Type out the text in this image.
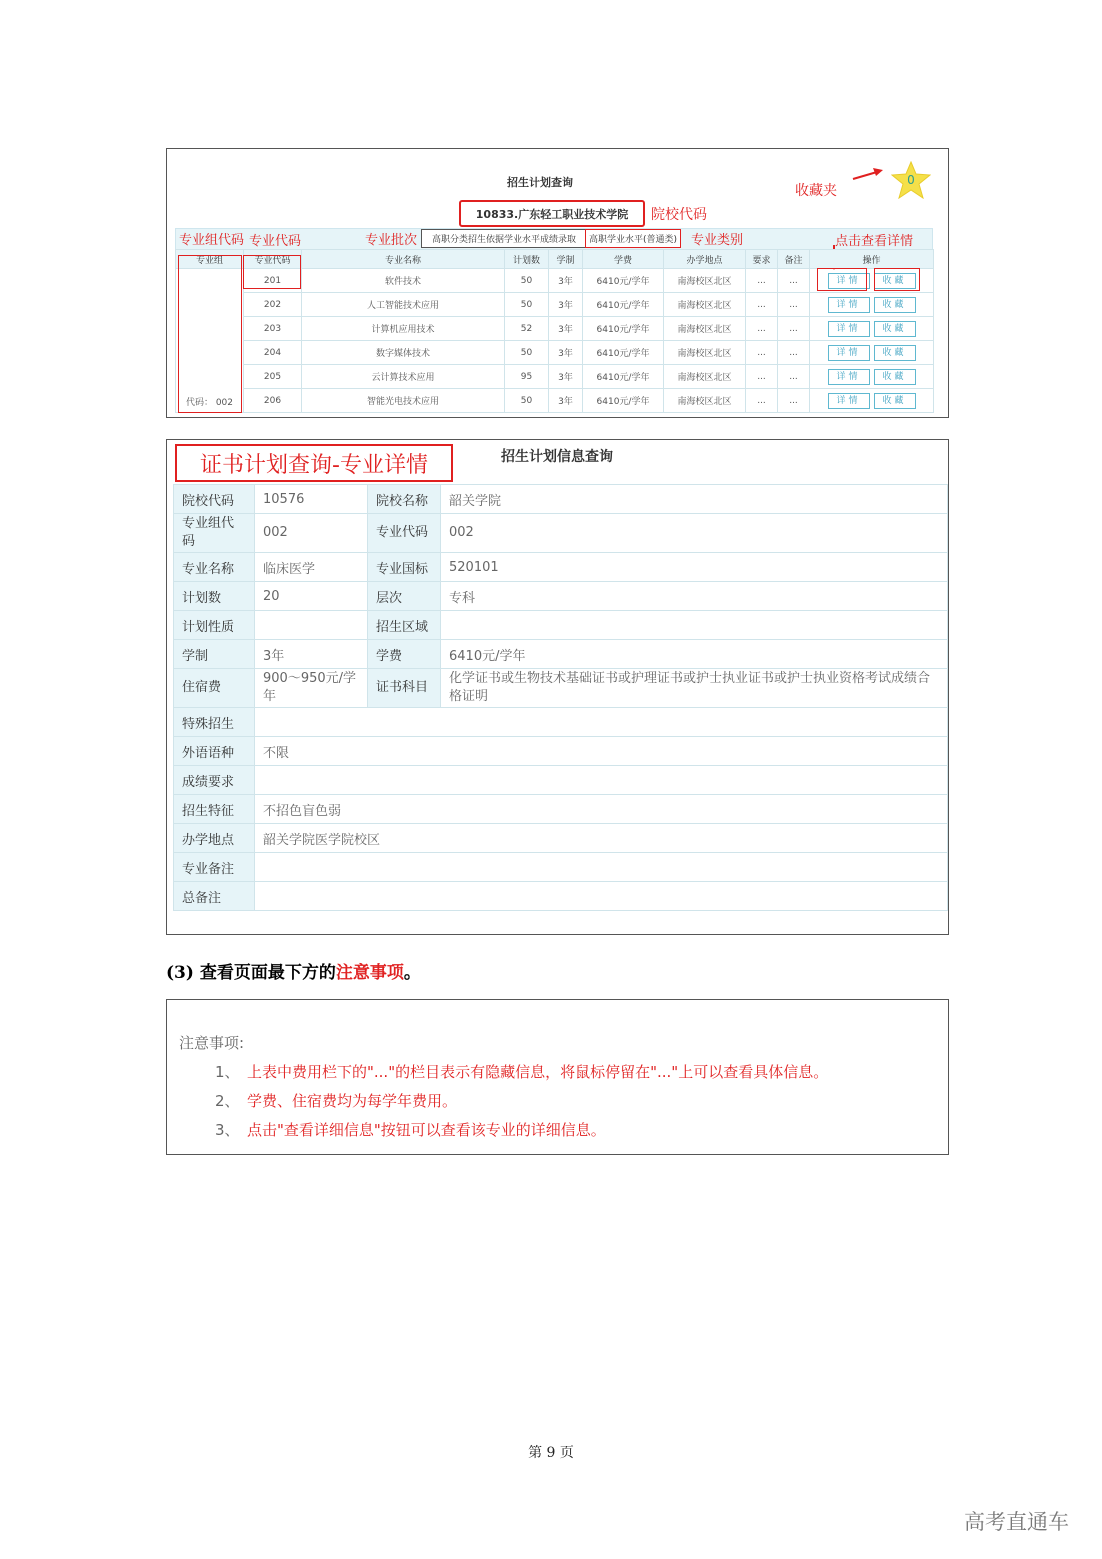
招生计划查询
10833.广东轻工职业技术学院	院校代码
收藏夹
0
专业组代码 专业代码	专业批次	高职分类招生依据学业水平成绩录取	高职学业水平(普通类)	专业类别	点击查看详情
专业组	专业代码	专业名称	计划数	学制	学费	办学地点	要求	备注	操作
代码： 002	201	软件技术	50	3年	6410元/学年	南海校区北区	...	...	详情 收藏
	202	人工智能技术应用	50	3年	6410元/学年	南海校区北区	...	...	详情 收藏
	203	计算机应用技术	52	3年	6410元/学年	南海校区北区	...	...	详情 收藏
	204	数字媒体技术	50	3年	6410元/学年	南海校区北区	...	...	详情 收藏
	205	云计算技术应用	95	3年	6410元/学年	南海校区北区	...	...	详情 收藏
	206	智能光电技术应用	50	3年	6410元/学年	南海校区北区	...	...	详情 收藏
证书计划查询-专业详情	招生计划信息查询
院校代码	10576	院校名称	韶关学院
专业组代码	002	专业代码	002
专业名称	临床医学	专业国标	520101
计划数	20	层次	专科
计划性质		招生区域	
学制	3年	学费	6410元/学年
住宿费	900～950元/学年	证书科目	化学证书或生物技术基础证书或护理证书或护士执业证书或护士执业资格考试成绩合格证明
特殊招生			
外语语种	不限		
成绩要求			
招生特征	不招色盲色弱		
办学地点	韶关学院医学院校区		
专业备注			
总备注			
(3) 查看页面最下方的注意事项。
注意事项:
1、 上表中费用栏下的"..."的栏目表示有隐藏信息，将鼠标停留在"..."上可以查看具体信息。
2、 学费、住宿费均为每学年费用。
3、 点击"查看详细信息"按钮可以查看该专业的详细信息。
第 9 页
高考直通车
